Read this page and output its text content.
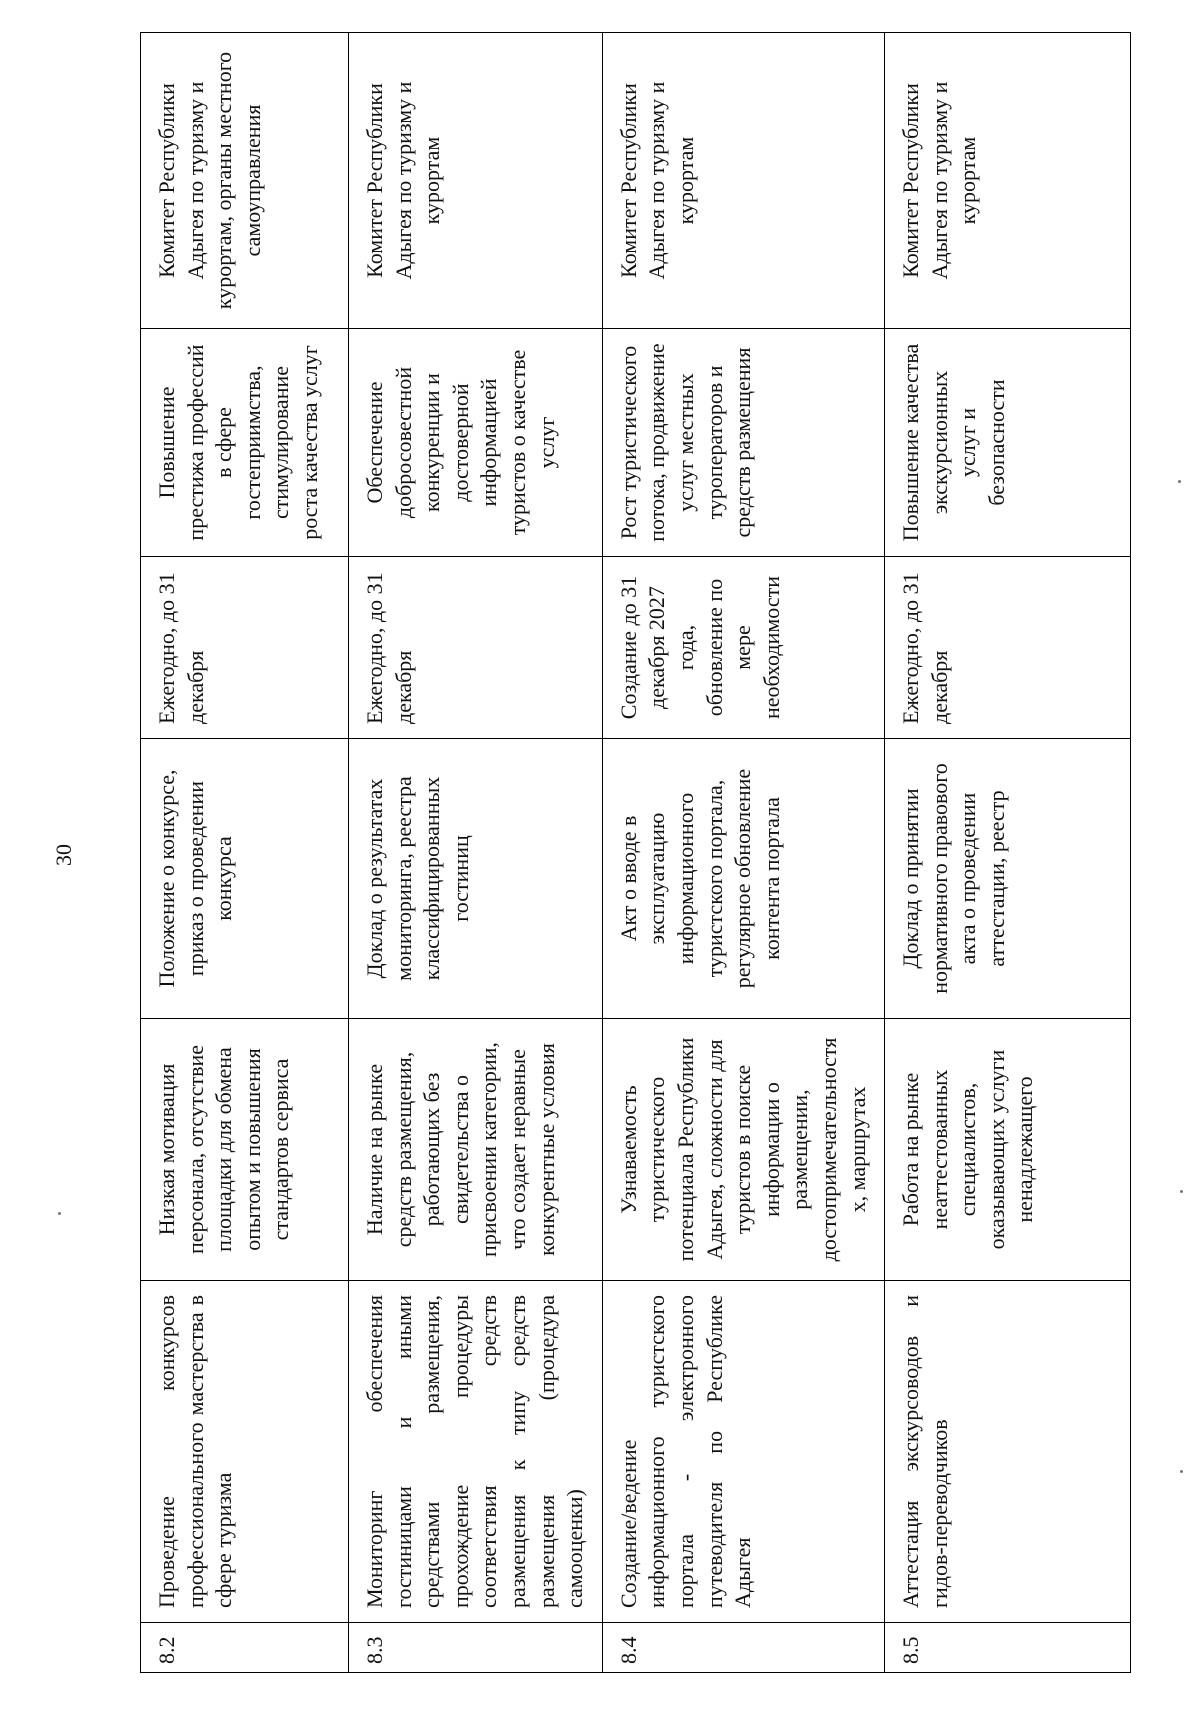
30
8.2	Проведение конкурсов профессионального мастерства в сфере туризма	Низкая мотивация персонала, отсутствие площадки для обмена опытом и повышения стандартов сервиса	Положение о конкурсе, приказ о проведении конкурса	Ежегодно, до 31 декабря	Повышение престижа профессий в сфере гостеприимства, стимулирование роста качества услуг	Комитет Республики Адыгея по туризму и курортам, органы местного самоуправления
8.3	Мониторинг обеспечения гостиницами и иными средствами размещения, прохождение процедуры соответствия средств размещения к типу средств размещения (процедура самооценки)	Наличие на рынке средств размещения, работающих без свидетельства о присвоении категории, что создает неравные конкурентные условия	Доклад о результатах мониторинга, реестра классифицированных гостиниц	Ежегодно, до 31 декабря	Обеспечение добросовестной конкуренции и достоверной информацией туристов о качестве услуг	Комитет Республики Адыгея по туризму и курортам
8.4	Создание/ведение информационного туристского портала - электронного путеводителя по Республике Адыгея	Узнаваемость туристического потенциала Республики Адыгея, сложности для туристов в поиске информации о размещении, достопримечательностя х, маршрутах	Акт о вводе в эксплуатацию информационного туристского портала, регулярное обновление контента портала	Создание до 31 декабря 2027 года, обновление по мере необходимости	Рост туристического потока, продвижение услуг местных туроператоров и средств размещения	Комитет Республики Адыгея по туризму и курортам
8.5	Аттестация экскурсоводов и гидов-переводчиков	Работа на рынке неаттестованных специалистов, оказывающих услуги ненадлежащего	Доклад о принятии нормативного правового акта о проведении аттестации, реестр	Ежегодно, до 31 декабря	Повышение качества экскурсионных услуг и безопасности	Комитет Республики Адыгея по туризму и курортам
